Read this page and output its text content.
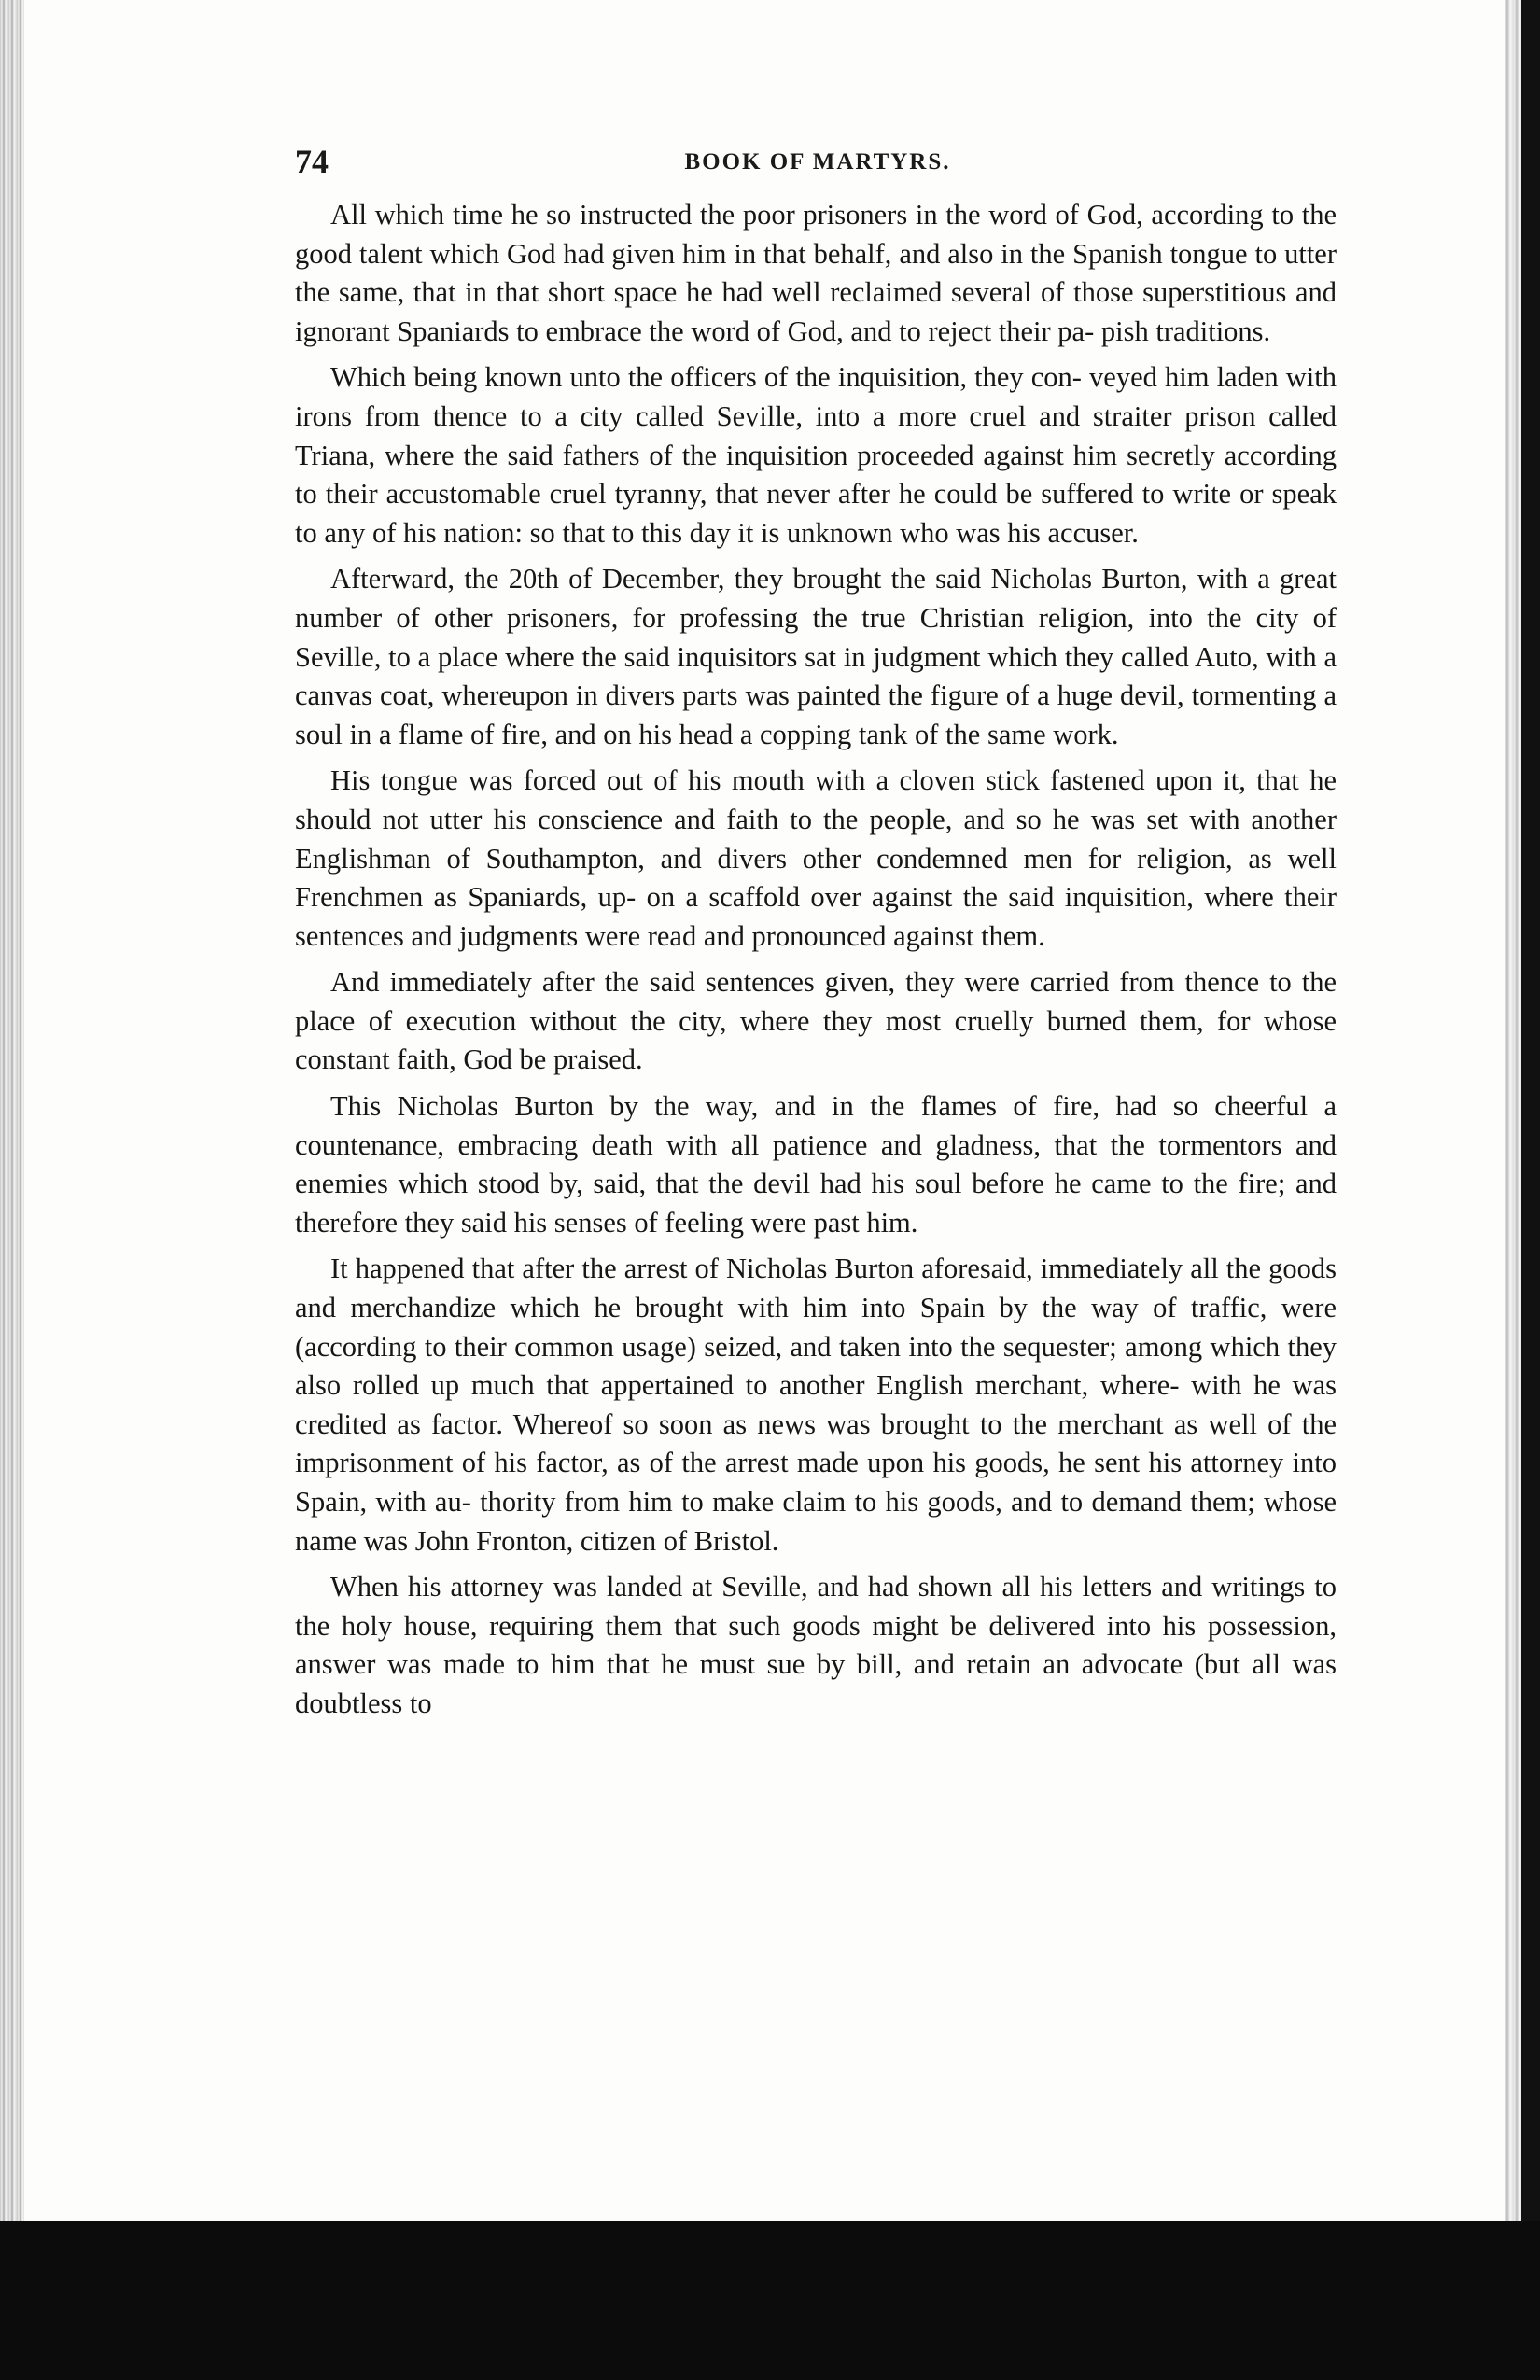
74	BOOK OF MARTYRS.

All which time he so instructed the poor prisoners in the word of God, according to the good talent which God had given him in that behalf, and also in the Spanish tongue to utter the same, that in that short space he had well reclaimed several of those superstitious and ignorant Spaniards to embrace the word of God, and to reject their pa- pish traditions.

Which being known unto the officers of the inquisition, they con- veyed him laden with irons from thence to a city called Seville, into a more cruel and straiter prison called Triana, where the said fathers of the inquisition proceeded against him secretly according to their accustomable cruel tyranny, that never after he could be suffered to write or speak to any of his nation: so that to this day it is unknown who was his accuser.

Afterward, the 20th of December, they brought the said Nicholas Burton, with a great number of other prisoners, for professing the true Christian religion, into the city of Seville, to a place where the said inquisitors sat in judgment which they called Auto, with a canvas coat, whereupon in divers parts was painted the figure of a huge devil, tormenting a soul in a flame of fire, and on his head a copping tank of the same work.

His tongue was forced out of his mouth with a cloven stick fastened upon it, that he should not utter his conscience and faith to the people, and so he was set with another Englishman of Southampton, and divers other condemned men for religion, as well Frenchmen as Spaniards, up- on a scaffold over against the said inquisition, where their sentences and judgments were read and pronounced against them.

And immediately after the said sentences given, they were carried from thence to the place of execution without the city, where they most cruelly burned them, for whose constant faith, God be praised.

This Nicholas Burton by the way, and in the flames of fire, had so cheerful a countenance, embracing death with all patience and gladness, that the tormentors and enemies which stood by, said, that the devil had his soul before he came to the fire; and therefore they said his senses of feeling were past him.

It happened that after the arrest of Nicholas Burton aforesaid, immediately all the goods and merchandize which he brought with him into Spain by the way of traffic, were (according to their common usage) seized, and taken into the sequester; among which they also rolled up much that appertained to another English merchant, where- with he was credited as factor. Whereof so soon as news was brought to the merchant as well of the imprisonment of his factor, as of the arrest made upon his goods, he sent his attorney into Spain, with au- thority from him to make claim to his goods, and to demand them; whose name was John Fronton, citizen of Bristol.

When his attorney was landed at Seville, and had shown all his letters and writings to the holy house, requiring them that such goods might be delivered into his possession, answer was made to him that he must sue by bill, and retain an advocate (but all was doubtless to
